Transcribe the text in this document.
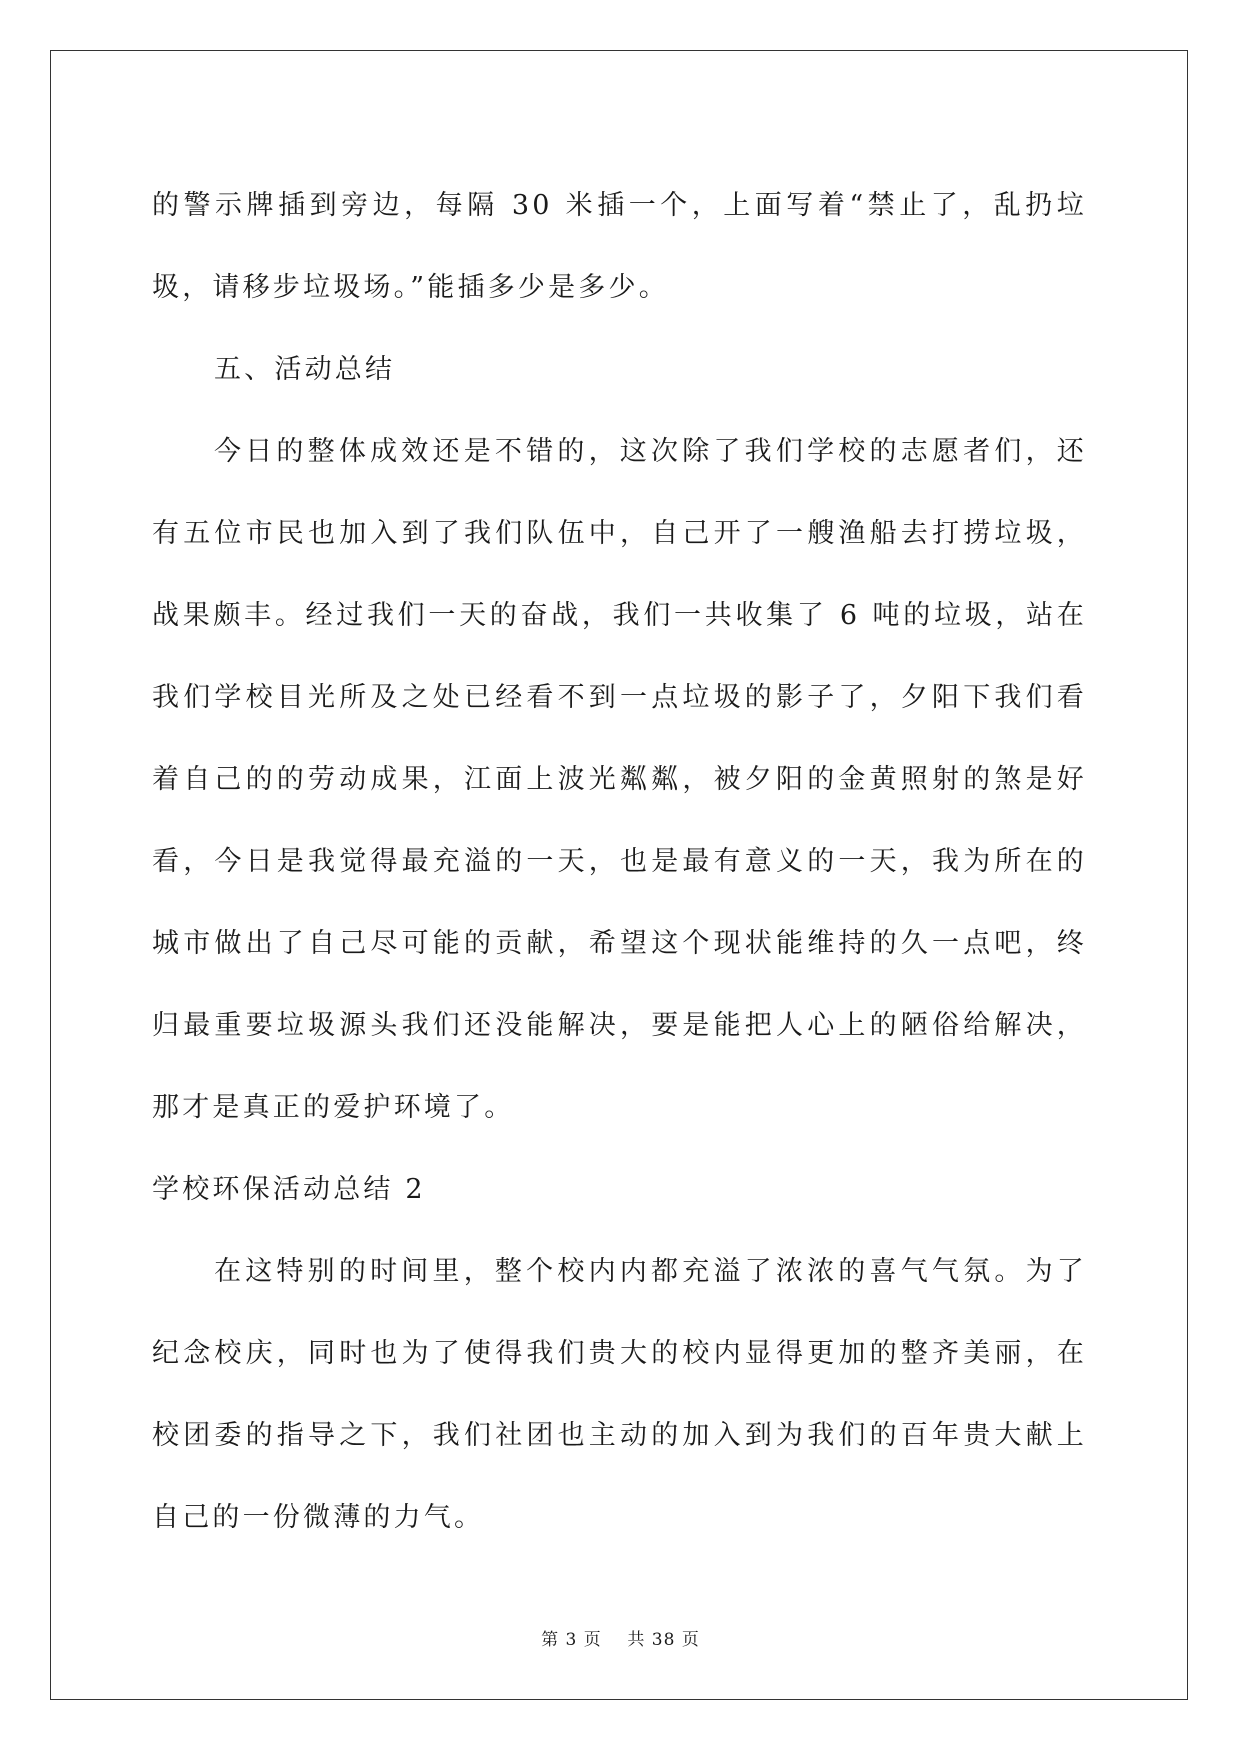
的警示牌插到旁边，每隔 30 米插一个，上面写着“禁止了，乱扔垃圾，请移步垃圾场。”能插多少是多少。

五、活动总结

今日的整体成效还是不错的，这次除了我们学校的志愿者们，还有五位市民也加入到了我们队伍中，自己开了一艘渔船去打捞垃圾，战果颇丰。经过我们一天的奋战，我们一共收集了 6 吨的垃圾，站在我们学校目光所及之处已经看不到一点垃圾的影子了，夕阳下我们看着自己的的劳动成果，江面上波光粼粼，被夕阳的金黄照射的煞是好看，今日是我觉得最充溢的一天，也是最有意义的一天，我为所在的城市做出了自己尽可能的贡献，希望这个现状能维持的久一点吧，终归最重要垃圾源头我们还没能解决，要是能把人心上的陋俗给解决，那才是真正的爱护环境了。

学校环保活动总结 2

在这特别的时间里，整个校内内都充溢了浓浓的喜气气氛。为了纪念校庆，同时也为了使得我们贵大的校内显得更加的整齐美丽，在校团委的指导之下，我们社团也主动的加入到为我们的百年贵大献上自己的一份微薄的力气。

第 3 页    共 38 页
